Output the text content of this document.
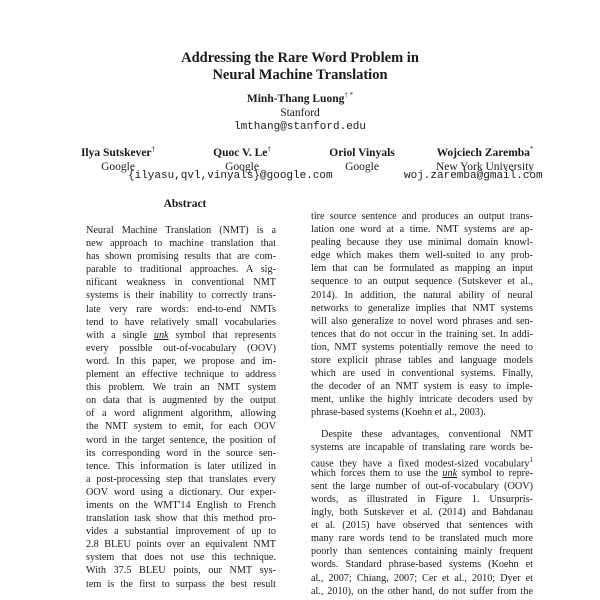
Addressing the Rare Word Problem in
Neural Machine Translation
Minh-Thang Luong† *
Stanford
lmthang@stanford.edu
Ilya Sutskever†
Google
Quoc V. Le†
Google
Oriol Vinyals
Google
Wojciech Zaremba*
New York University
{ilyasu,qvl,vinyals}@google.com	woj.zaremba@gmail.com
Abstract
Neural Machine Translation (NMT) is a
new approach to machine translation that
has shown promising results that are com-
parable to traditional approaches. A sig-
nificant weakness in conventional NMT
systems is their inability to correctly trans-
late very rare words: end-to-end NMTs
tend to have relatively small vocabularies
with a single unk symbol that represents
every possible out-of-vocabulary (OOV)
word. In this paper, we propose and im-
plement an effective technique to address
this problem. We train an NMT system
on data that is augmented by the output
of a word alignment algorithm, allowing
the NMT system to emit, for each OOV
word in the target sentence, the position of
its corresponding word in the source sen-
tence. This information is later utilized in
a post-processing step that translates every
OOV word using a dictionary. Our exper-
iments on the WMT'14 English to French
translation task show that this method pro-
vides a substantial improvement of up to
2.8 BLEU points over an equivalent NMT
system that does not use this technique.
With 37.5 BLEU points, our NMT sys-
tem is the first to surpass the best result
tire source sentence and produces an output trans-
lation one word at a time. NMT systems are ap-
pealing because they use minimal domain knowl-
edge which makes them well-suited to any prob-
lem that can be formulated as mapping an input
sequence to an output sequence (Sutskever et al.,
2014). In addition, the natural ability of neural
networks to generalize implies that NMT systems
will also generalize to novel word phrases and sen-
tences that do not occur in the training set. In addi-
tion, NMT systems potentially remove the need to
store explicit phrase tables and language models
which are used in conventional systems. Finally,
the decoder of an NMT system is easy to imple-
ment, unlike the highly intricate decoders used by
phrase-based systems (Koehn et al., 2003).
Despite these advantages, conventional NMT
systems are incapable of translating rare words be-
cause they have a fixed modest-sized vocabulary$^1$
which forces them to use the unk symbol to repre-
sent the large number of out-of-vocabulary (OOV)
words, as illustrated in Figure 1. Unsurpris-
ingly, both Sutskever et al. (2014) and Bahdanau
et al. (2015) have observed that sentences with
many rare words tend to be translated much more
poorly than sentences containing mainly frequent
words. Standard phrase-based systems (Koehn et
al., 2007; Chiang, 2007; Cer et al., 2010; Dyer et
al., 2010), on the other hand, do not suffer from the
